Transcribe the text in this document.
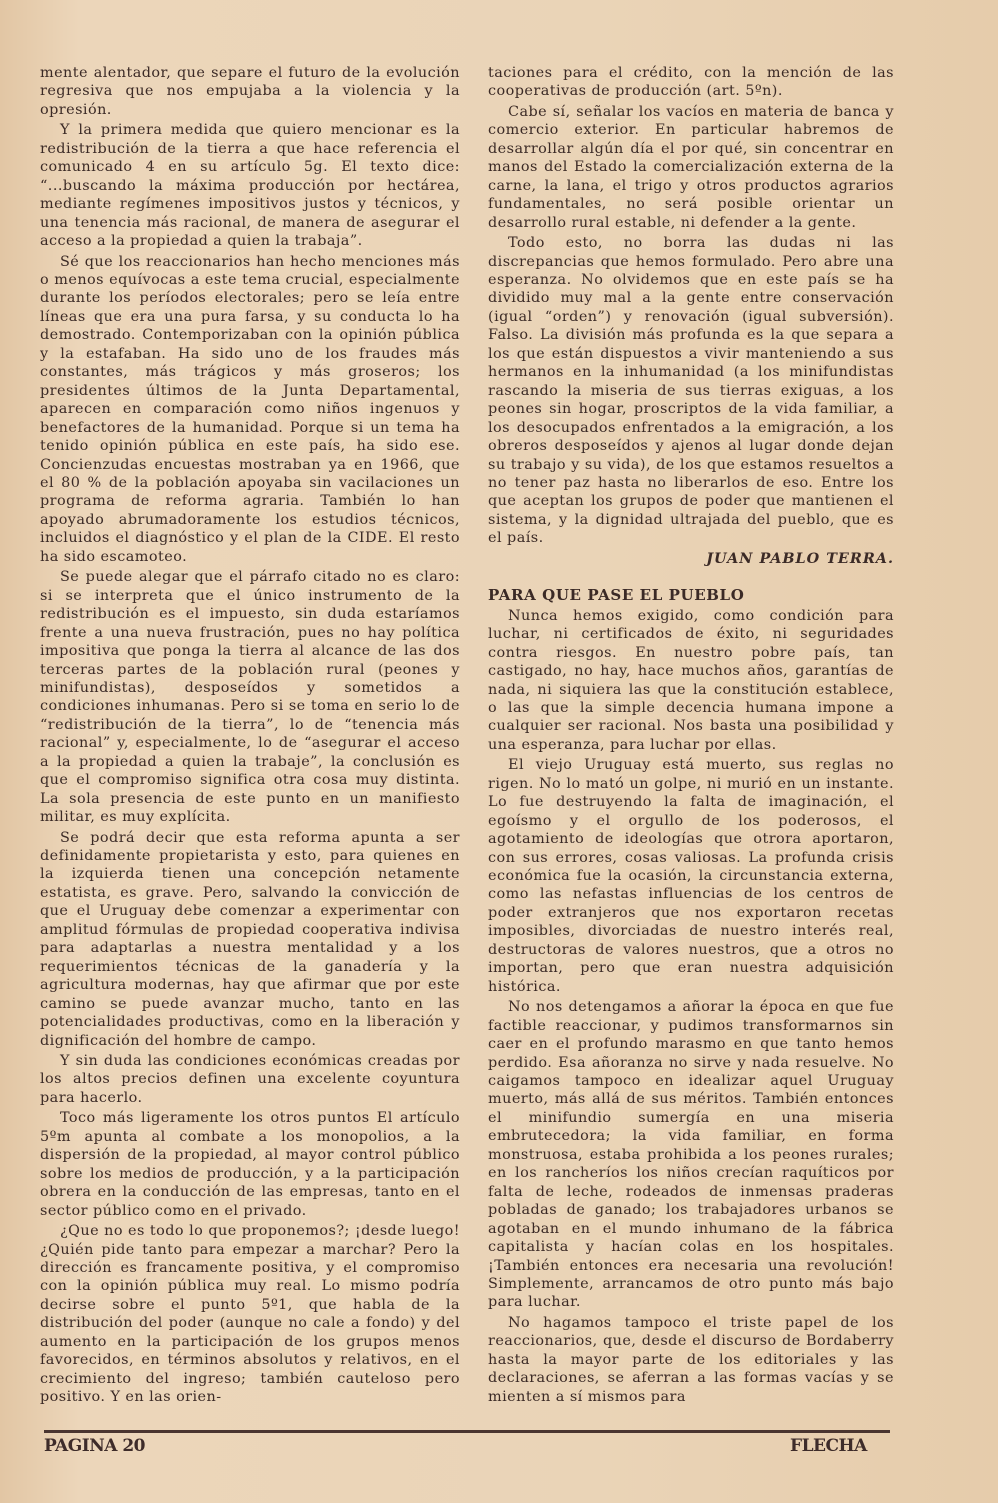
mente alentador, que separe el futuro de la evolución regresiva que nos empujaba a la violencia y la opresión.

Y la primera medida que quiero mencionar es la redistribución de la tierra a que hace referencia el comunicado 4 en su artículo 5g. El texto dice: “...buscando la máxima producción por hectárea, mediante regímenes impositivos justos y técnicos, y una tenencia más racional, de manera de asegurar el acceso a la propiedad a quien la trabaja”.

Sé que los reaccionarios han hecho menciones más o menos equívocas a este tema crucial, especialmente durante los períodos electorales; pero se leía entre líneas que era una pura farsa, y su conducta lo ha demostrado. Contemporizaban con la opinión pública y la estafaban. Ha sido uno de los fraudes más constantes, más trágicos y más groseros; los presidentes últimos de la Junta Departamental, aparecen en comparación como niños ingenuos y benefactores de la humanidad. Porque si un tema ha tenido opinión pública en este país, ha sido ese. Concienzudas encuestas mostraban ya en 1966, que el 80 % de la población apoyaba sin vacilaciones un programa de reforma agraria. También lo han apoyado abrumadoramente los estudios técnicos, incluidos el diagnóstico y el plan de la CIDE. El resto ha sido escamoteo.

Se puede alegar que el párrafo citado no es claro: si se interpreta que el único instrumento de la redistribución es el impuesto, sin duda estaríamos frente a una nueva frustración, pues no hay política impositiva que ponga la tierra al alcance de las dos terceras partes de la población rural (peones y minifundistas), desposeídos y sometidos a condiciones inhumanas. Pero si se toma en serio lo de “redistribución de la tierra”, lo de “tenencia más racional” y, especialmente, lo de “asegurar el acceso a la propiedad a quien la trabaje”, la conclusión es que el compromiso significa otra cosa muy distinta. La sola presencia de este punto en un manifiesto militar, es muy explícita.

Se podrá decir que esta reforma apunta a ser definidamente propietarista y esto, para quienes en la izquierda tienen una concepción netamente estatista, es grave. Pero, salvando la convicción de que el Uruguay debe comenzar a experimentar con amplitud fórmulas de propiedad cooperativa indivisa para adaptarlas a nuestra mentalidad y a los requerimientos técnicas de la ganadería y la agricultura modernas, hay que afirmar que por este camino se puede avanzar mucho, tanto en las potencialidades productivas, como en la liberación y dignificación del hombre de campo.

Y sin duda las condiciones económicas creadas por los altos precios definen una excelente coyuntura para hacerlo.

Toco más ligeramente los otros puntos El artículo 5ºm apunta al combate a los monopolios, a la dispersión de la propiedad, al mayor control público sobre los medios de producción, y a la participación obrera en la conducción de las empresas, tanto en el sector público como en el privado.

¿Que no es todo lo que proponemos?; ¡desde luego! ¿Quién pide tanto para empezar a marchar? Pero la dirección es francamente positiva, y el compromiso con la opinión pública muy real. Lo mismo podría decirse sobre el punto 5º1, que habla de la distribución del poder (aunque no cale a fondo) y del aumento en la participación de los grupos menos favorecidos, en términos absolutos y relativos, en el crecimiento del ingreso; también cauteloso pero positivo. Y en las orien-

taciones para el crédito, con la mención de las cooperativas de producción (art. 5ºn).

Cabe sí, señalar los vacíos en materia de banca y comercio exterior. En particular habremos de desarrollar algún día el por qué, sin concentrar en manos del Estado la comercialización externa de la carne, la lana, el trigo y otros productos agrarios fundamentales, no será posible orientar un desarrollo rural estable, ni defender a la gente.

Todo esto, no borra las dudas ni las discrepancias que hemos formulado. Pero abre una esperanza. No olvidemos que en este país se ha dividido muy mal a la gente entre conservación (igual “orden”) y renovación (igual subversión). Falso. La división más profunda es la que separa a los que están dispuestos a vivir manteniendo a sus hermanos en la inhumanidad (a los minifundistas rascando la miseria de sus tierras exiguas, a los peones sin hogar, proscriptos de la vida familiar, a los desocupados enfrentados a la emigración, a los obreros desposeídos y ajenos al lugar donde dejan su trabajo y su vida), de los que estamos resueltos a no tener paz hasta no liberarlos de eso. Entre los que aceptan los grupos de poder que mantienen el sistema, y la dignidad ultrajada del pueblo, que es el país.

JUAN PABLO TERRA.
PARA QUE PASE EL PUEBLO

Nunca hemos exigido, como condición para luchar, ni certificados de éxito, ni seguridades contra riesgos. En nuestro pobre país, tan castigado, no hay, hace muchos años, garantías de nada, ni siquiera las que la constitución establece, o las que la simple decencia humana impone a cualquier ser racional. Nos basta una posibilidad y una esperanza, para luchar por ellas.

El viejo Uruguay está muerto, sus reglas no rigen. No lo mató un golpe, ni murió en un instante. Lo fue destruyendo la falta de imaginación, el egoísmo y el orgullo de los poderosos, el agotamiento de ideologías que otrora aportaron, con sus errores, cosas valiosas. La profunda crisis económica fue la ocasión, la circunstancia externa, como las nefastas influencias de los centros de poder extranjeros que nos exportaron recetas imposibles, divorciadas de nuestro interés real, destructoras de valores nuestros, que a otros no importan, pero que eran nuestra adquisición histórica.

No nos detengamos a añorar la época en que fue factible reaccionar, y pudimos transformarnos sin caer en el profundo marasmo en que tanto hemos perdido. Esa añoranza no sirve y nada resuelve. No caigamos tampoco en idealizar aquel Uruguay muerto, más allá de sus méritos. También entonces el minifundio sumergía en una miseria embrutecedora; la vida familiar, en forma monstruosa, estaba prohibida a los peones rurales; en los rancheríos los niños crecían raquíticos por falta de leche, rodeados de inmensas praderas pobladas de ganado; los trabajadores urbanos se agotaban en el mundo inhumano de la fábrica capitalista y hacían colas en los hospitales. ¡También entonces era necesaria una revolución! Simplemente, arrancamos de otro punto más bajo para luchar.

No hagamos tampoco el triste papel de los reaccionarios, que, desde el discurso de Bordaberry hasta la mayor parte de los editoriales y las declaraciones, se aferran a las formas vacías y se mienten a sí mismos para

PAGINA 20	FLECHA
